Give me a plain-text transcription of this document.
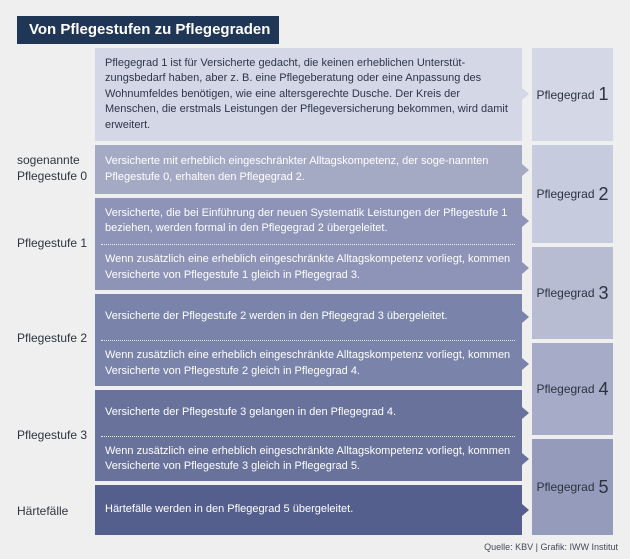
Von Pflegestufen zu Pflegegraden
sogenannte
Pflegestufe 0
Pflegestufe 1
Pflegestufe 2
Pflegestufe 3
Härtefälle
Pflegegrad 1 ist für Versicherte gedacht, die keinen erheblichen Unterstüt-zungsbedarf haben, aber z. B. eine Pflegeberatung oder eine Anpassung des Wohnumfeldes benötigen, wie eine altersgerechte Dusche. Der Kreis der Menschen, die erstmals Leistungen der Pflegeversicherung bekommen, wird damit erweitert.
Versicherte mit erheblich eingeschränkter Alltagskompetenz, der soge-nannten Pflegestufe 0, erhalten den Pflegegrad 2.
Versicherte, die bei Einführung der neuen Systematik Leistungen der Pflegestufe 1 beziehen, werden formal in den Pflegegrad 2 übergeleitet.
Wenn zusätzlich eine erheblich eingeschränkte Alltagskompetenz vorliegt, kommen Versicherte von Pflegestufe 1 gleich in Pflegegrad 3.
Versicherte der Pflegestufe 2 werden in den Pflegegrad 3 übergeleitet.
Wenn zusätzlich eine erheblich eingeschränkte Alltagskompetenz vorliegt, kommen Versicherte von Pflegestufe 2 gleich in Pflegegrad 4.
Versicherte der Pflegestufe 3 gelangen in den Pflegegrad 4.
Wenn zusätzlich eine erheblich eingeschränkte Alltagskompetenz vorliegt, kommen Versicherte von Pflegestufe 3 gleich in Pflegegrad 5.
Härtefälle werden in den Pflegegrad 5 übergeleitet.
Pflegegrad 1
Pflegegrad 2
Pflegegrad 3
Pflegegrad 4
Pflegegrad 5
Quelle: KBV | Grafik: IWW Institut
